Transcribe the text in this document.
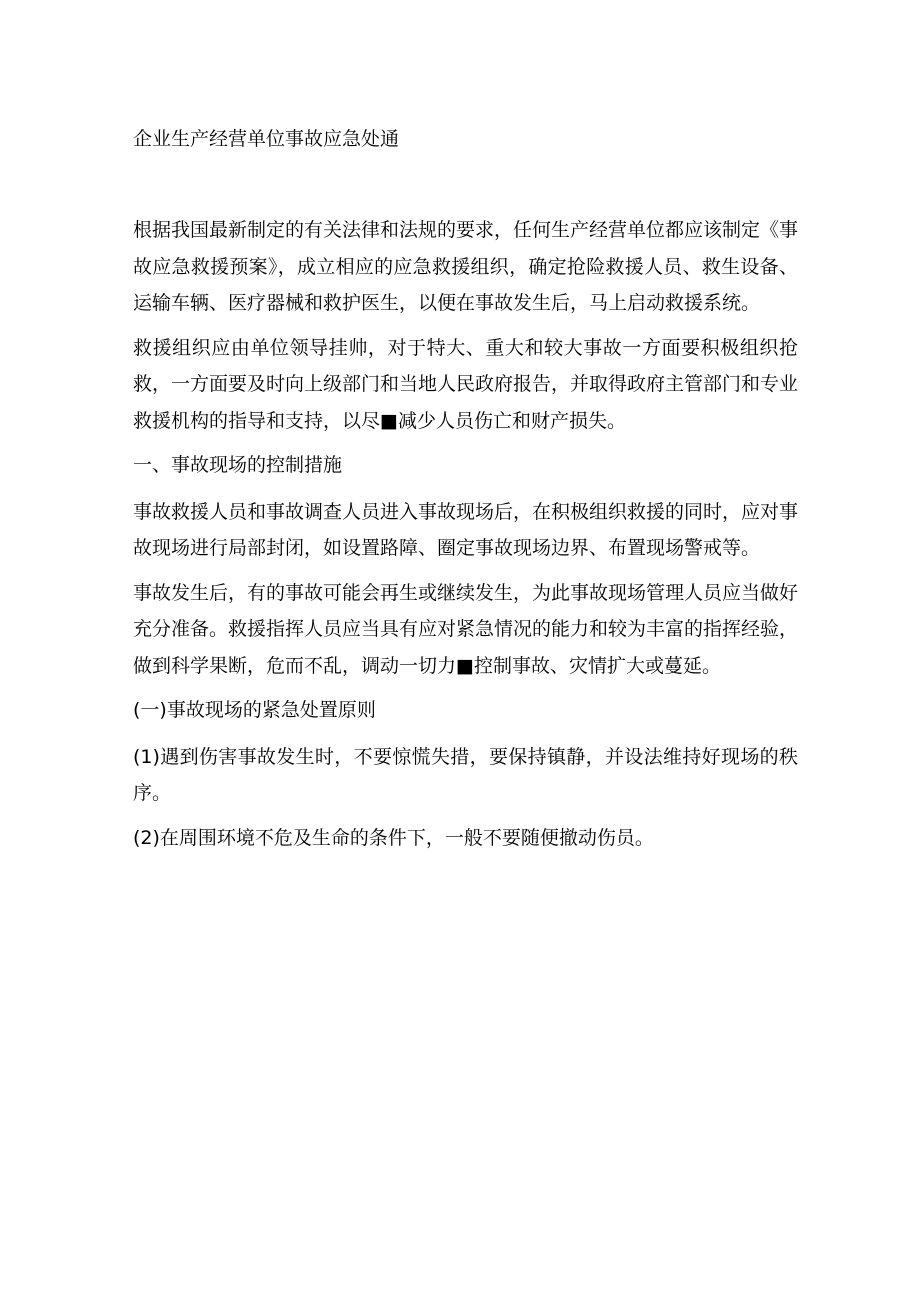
企业生产经营单位事故应急处通

根据我国最新制定的有关法律和法规的要求，任何生产经营单位都应该制定《事故应急救援预案》，成立相应的应急救援组织，确定抢险救援人员、救生设备、运输车辆、医疗器械和救护医生，以便在事故发生后，马上启动救援系统。

救援组织应由单位领导挂帅，对于特大、重大和较大事故一方面要积极组织抢救，一方面要及时向上级部门和当地人民政府报告，并取得政府主管部门和专业救援机构的指导和支持，以尽■减少人员伤亡和财产损失。

一、事故现场的控制措施

事故救援人员和事故调查人员进入事故现场后，在积极组织救援的同时，应对事故现场进行局部封闭，如设置路障、圈定事故现场边界、布置现场警戒等。

事故发生后，有的事故可能会再生或继续发生，为此事故现场管理人员应当做好充分准备。救援指挥人员应当具有应对紧急情况的能力和较为丰富的指挥经验，做到科学果断，危而不乱，调动一切力■控制事故、灾情扩大或蔓延。

(一)事故现场的紧急处置原则

(1)遇到伤害事故发生时，不要惊慌失措，要保持镇静，并设法维持好现场的秩序。

(2)在周围环境不危及生命的条件下，一般不要随便撤动伤员。
